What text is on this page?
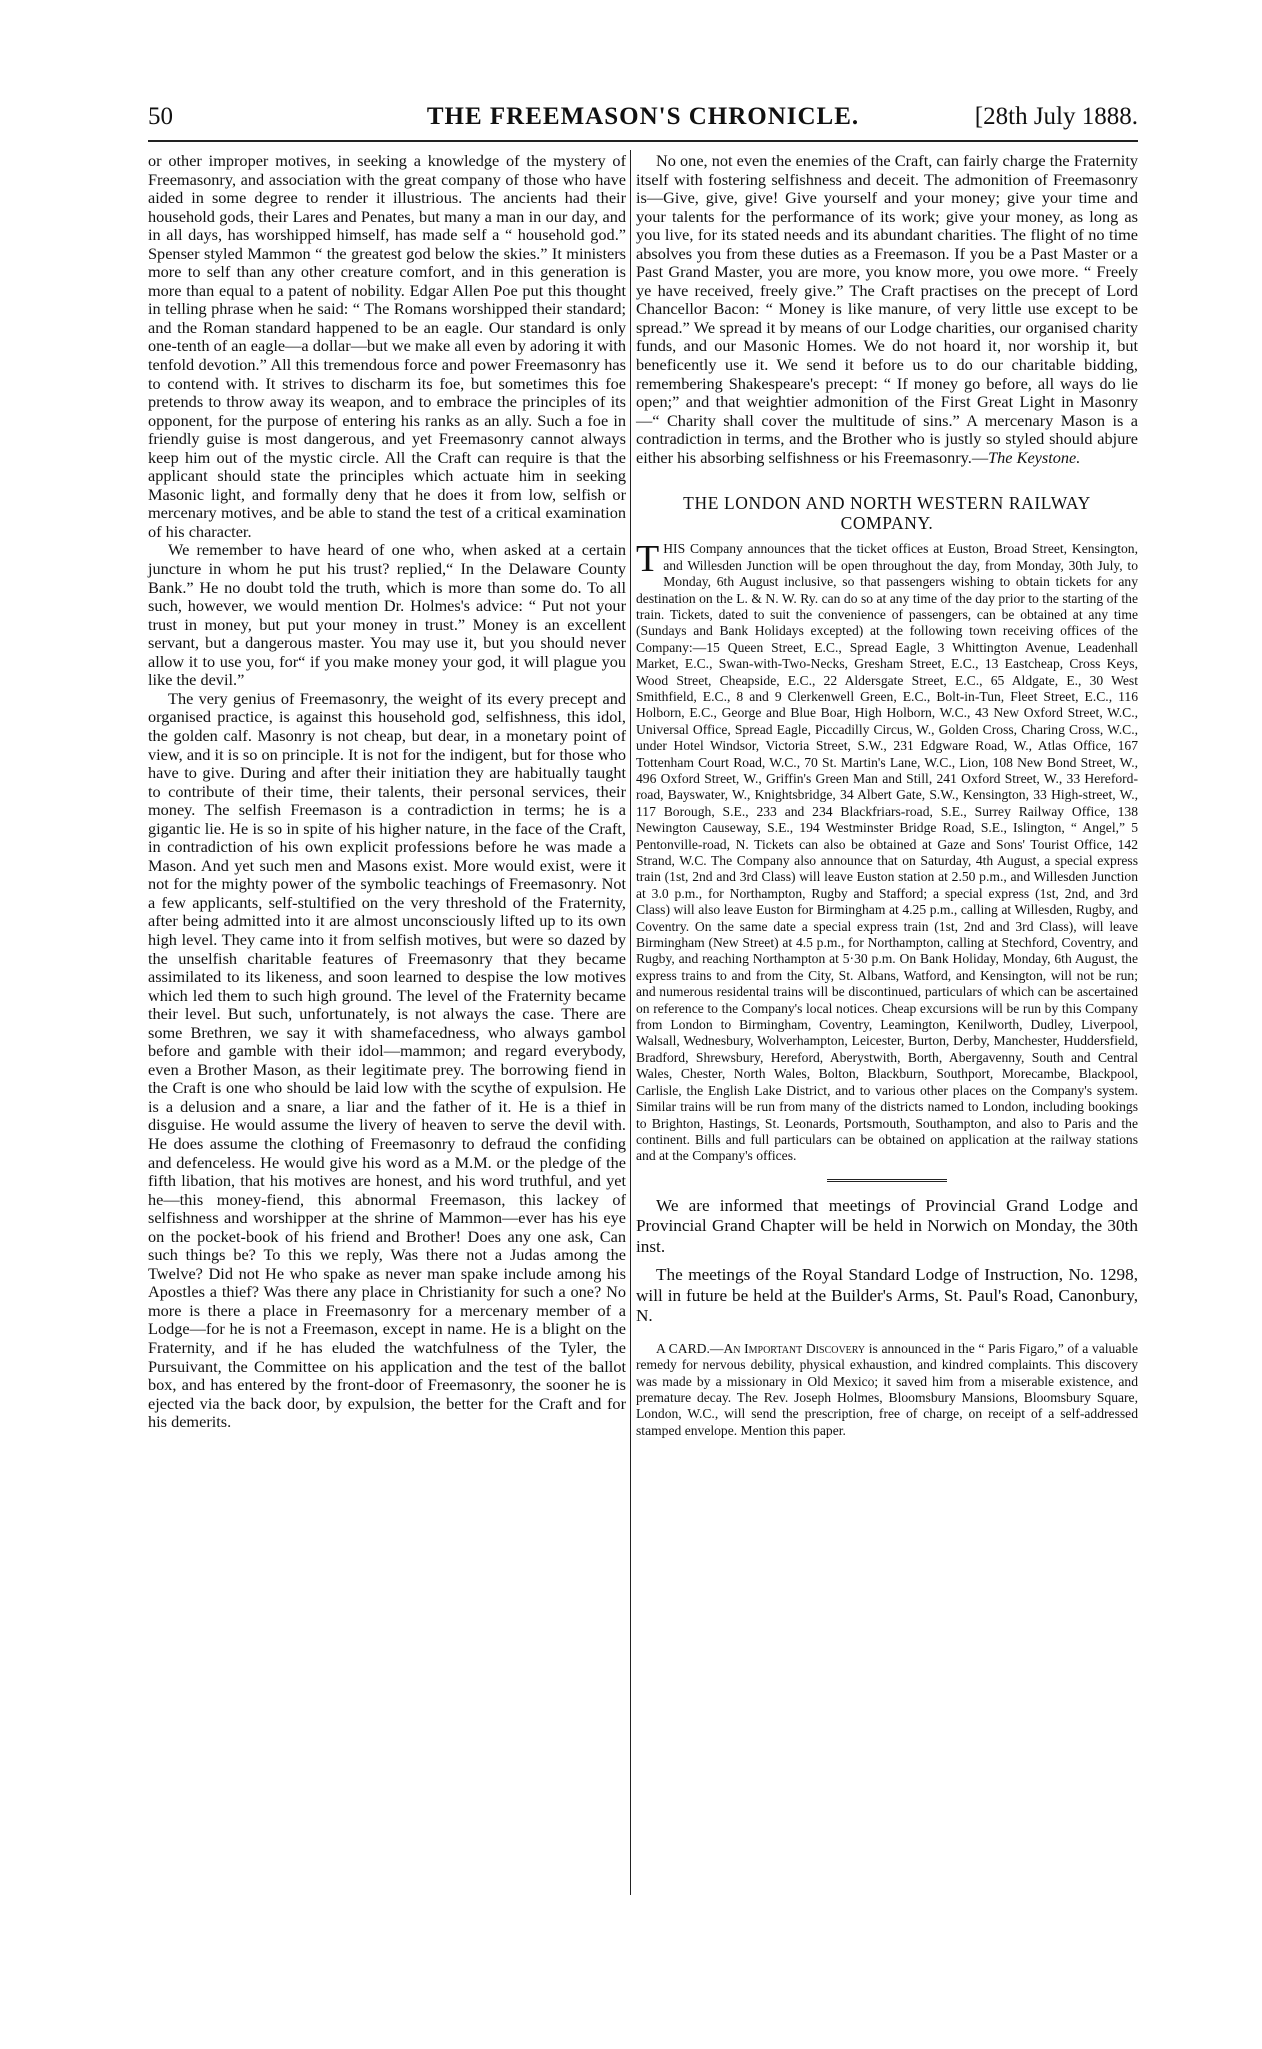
50	THE FREEMASON'S CHRONICLE.	[28th July 1888.

or other improper motives, in seeking a knowledge of the mystery of Freemasonry, and association with the great company of those who have aided in some degree to render it illustrious. The ancients had their household gods, their Lares and Penates, but many a man in our day, and in all days, has worshipped himself, has made self a “ household god.” Spenser styled Mammon “ the greatest god below the skies.” It ministers more to self than any other creature comfort, and in this generation is more than equal to a patent of nobility. Edgar Allen Poe put this thought in telling phrase when he said: “ The Romans worshipped their standard; and the Roman standard happened to be an eagle. Our standard is only one-tenth of an eagle—a dollar—but we make all even by adoring it with tenfold devotion.” All this tremendous force and power Freemasonry has to contend with. It strives to discharm its foe, but sometimes this foe pretends to throw away its weapon, and to embrace the principles of its opponent, for the purpose of entering his ranks as an ally. Such a foe in friendly guise is most dangerous, and yet Freemasonry cannot always keep him out of the mystic circle. All the Craft can require is that the applicant should state the principles which actuate him in seeking Masonic light, and formally deny that he does it from low, selfish or mercenary motives, and be able to stand the test of a critical examination of his character.

We remember to have heard of one who, when asked at a certain juncture in whom he put his trust? replied,“ In the Delaware County Bank.” He no doubt told the truth, which is more than some do. To all such, however, we would mention Dr. Holmes's advice: “ Put not your trust in money, but put your money in trust.” Money is an excellent servant, but a dangerous master. You may use it, but you should never allow it to use you, for“ if you make money your god, it will plague you like the devil.”

The very genius of Freemasonry, the weight of its every precept and organised practice, is against this household god, selfishness, this idol, the golden calf. Masonry is not cheap, but dear, in a monetary point of view, and it is so on principle. It is not for the indigent, but for those who have to give. During and after their initiation they are habitually taught to contribute of their time, their talents, their personal services, their money. The selfish Freemason is a contradiction in terms; he is a gigantic lie. He is so in spite of his higher nature, in the face of the Craft, in contradiction of his own explicit professions before he was made a Mason. And yet such men and Masons exist. More would exist, were it not for the mighty power of the symbolic teachings of Freemasonry. Not a few applicants, self-stultified on the very threshold of the Fraternity, after being admitted into it are almost unconsciously lifted up to its own high level. They came into it from selfish motives, but were so dazed by the unselfish charitable features of Freemasonry that they became assimilated to its likeness, and soon learned to despise the low motives which led them to such high ground. The level of the Fraternity became their level. But such, unfortunately, is not always the case. There are some Brethren, we say it with shamefacedness, who always gambol before and gamble with their idol—mammon; and regard everybody, even a Brother Mason, as their legitimate prey. The borrowing fiend in the Craft is one who should be laid low with the scythe of expulsion. He is a delusion and a snare, a liar and the father of it. He is a thief in disguise. He would assume the livery of heaven to serve the devil with. He does assume the clothing of Freemasonry to defraud the confiding and defenceless. He would give his word as a M.M. or the pledge of the fifth libation, that his motives are honest, and his word truthful, and yet he—this money-fiend, this abnormal Freemason, this lackey of selfishness and worshipper at the shrine of Mammon—ever has his eye on the pocket-book of his friend and Brother! Does any one ask, Can such things be? To this we reply, Was there not a Judas among the Twelve? Did not He who spake as never man spake include among his Apostles a thief? Was there any place in Christianity for such a one? No more is there a place in Freemasonry for a mercenary member of a Lodge—for he is not a Freemason, except in name. He is a blight on the Fraternity, and if he has eluded the watchfulness of the Tyler, the Pursuivant, the Committee on his application and the test of the ballot box, and has entered by the front-door of Freemasonry, the sooner he is ejected via the back door, by expulsion, the better for the Craft and for his demerits.

No one, not even the enemies of the Craft, can fairly charge the Fraternity itself with fostering selfishness and deceit. The admonition of Freemasonry is—Give, give, give! Give yourself and your money; give your time and your talents for the performance of its work; give your money, as long as you live, for its stated needs and its abundant charities. The flight of no time absolves you from these duties as a Freemason. If you be a Past Master or a Past Grand Master, you are more, you know more, you owe more. “ Freely ye have received, freely give.” The Craft practises on the precept of Lord Chancellor Bacon: “ Money is like manure, of very little use except to be spread.” We spread it by means of our Lodge charities, our organised charity funds, and our Masonic Homes. We do not hoard it, nor worship it, but beneficently use it. We send it before us to do our charitable bidding, remembering Shakespeare's precept: “ If money go before, all ways do lie open;” and that weightier admonition of the First Great Light in Masonry —“ Charity shall cover the multitude of sins.” A mercenary Mason is a contradiction in terms, and the Brother who is justly so styled should abjure either his absorbing selfishness or his Freemasonry.—The Keystone.

THE LONDON AND NORTH WESTERN RAILWAY COMPANY.

THIS Company announces that the ticket offices at Euston, Broad Street, Kensington, and Willesden Junction will be open throughout the day, from Monday, 30th July, to Monday, 6th August inclusive, so that passengers wishing to obtain tickets for any destination on the L. & N. W. Ry. can do so at any time of the day prior to the starting of the train. Tickets, dated to suit the convenience of passengers, can be obtained at any time (Sundays and Bank Holidays excepted) at the following town receiving offices of the Company:—15 Queen Street, E.C., Spread Eagle, 3 Whittington Avenue, Leadenhall Market, E.C., Swan-with-Two-Necks, Gresham Street, E.C., 13 Eastcheap, Cross Keys, Wood Street, Cheapside, E.C., 22 Aldersgate Street, E.C., 65 Aldgate, E., 30 West Smithfield, E.C., 8 and 9 Clerkenwell Green, E.C., Bolt-in-Tun, Fleet Street, E.C., 116 Holborn, E.C., George and Blue Boar, High Holborn, W.C., 43 New Oxford Street, W.C., Universal Office, Spread Eagle, Piccadilly Circus, W., Golden Cross, Charing Cross, W.C., under Hotel Windsor, Victoria Street, S.W., 231 Edgware Road, W., Atlas Office, 167 Tottenham Court Road, W.C., 70 St. Martin's Lane, W.C., Lion, 108 New Bond Street, W., 496 Oxford Street, W., Griffin's Green Man and Still, 241 Oxford Street, W., 33 Hereford-road, Bayswater, W., Knightsbridge, 34 Albert Gate, S.W., Kensington, 33 High-street, W., 117 Borough, S.E., 233 and 234 Blackfriars-road, S.E., Surrey Railway Office, 138 Newington Causeway, S.E., 194 Westminster Bridge Road, S.E., Islington, “ Angel,” 5 Pentonville-road, N. Tickets can also be obtained at Gaze and Sons' Tourist Office, 142 Strand, W.C. The Company also announce that on Saturday, 4th August, a special express train (1st, 2nd and 3rd Class) will leave Euston station at 2.50 p.m., and Willesden Junction at 3.0 p.m., for Northampton, Rugby and Stafford; a special express (1st, 2nd, and 3rd Class) will also leave Euston for Birmingham at 4.25 p.m., calling at Willesden, Rugby, and Coventry. On the same date a special express train (1st, 2nd and 3rd Class), will leave Birmingham (New Street) at 4.5 p.m., for Northampton, calling at Stechford, Coventry, and Rugby, and reaching Northampton at 5·30 p.m. On Bank Holiday, Monday, 6th August, the express trains to and from the City, St. Albans, Watford, and Kensington, will not be run; and numerous residental trains will be discontinued, particulars of which can be ascertained on reference to the Company's local notices. Cheap excursions will be run by this Company from London to Birmingham, Coventry, Leamington, Kenilworth, Dudley, Liverpool, Walsall, Wednesbury, Wolverhampton, Leicester, Burton, Derby, Manchester, Huddersfield, Bradford, Shrewsbury, Hereford, Aberystwith, Borth, Abergavenny, South and Central Wales, Chester, North Wales, Bolton, Blackburn, Southport, Morecambe, Blackpool, Carlisle, the English Lake District, and to various other places on the Company's system. Similar trains will be run from many of the districts named to London, including bookings to Brighton, Hastings, St. Leonards, Portsmouth, Southampton, and also to Paris and the continent. Bills and full particulars can be obtained on application at the railway stations and at the Company's offices.

We are informed that meetings of Provincial Grand Lodge and Provincial Grand Chapter will be held in Norwich on Monday, the 30th inst.

The meetings of the Royal Standard Lodge of Instruction, No. 1298, will in future be held at the Builder's Arms, St. Paul's Road, Canonbury, N.

A CARD.—An Important Discovery is announced in the “ Paris Figaro,” of a valuable remedy for nervous debility, physical exhaustion, and kindred complaints. This discovery was made by a missionary in Old Mexico; it saved him from a miserable existence, and premature decay. The Rev. Joseph Holmes, Bloomsbury Mansions, Bloomsbury Square, London, W.C., will send the prescription, free of charge, on receipt of a self-addressed stamped envelope. Mention this paper.
